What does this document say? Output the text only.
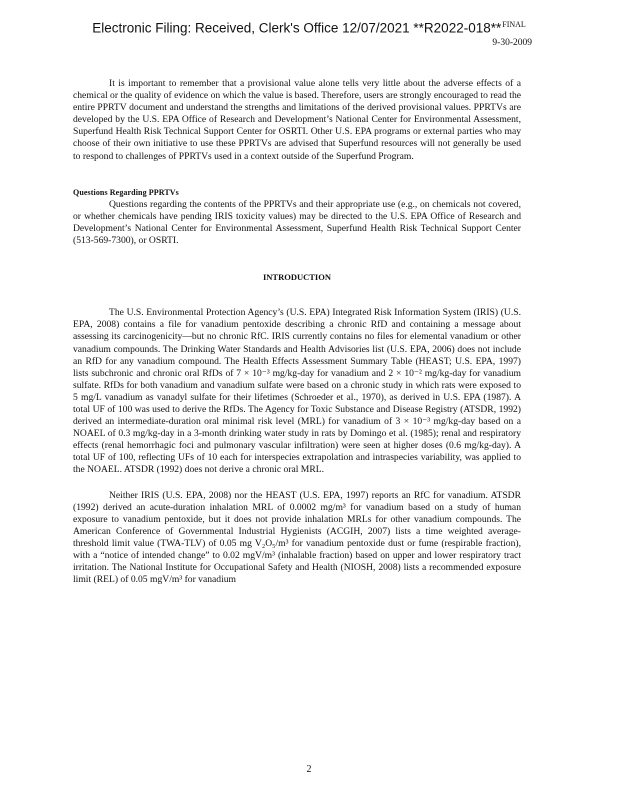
Electronic Filing: Received, Clerk's Office 12/07/2021 **R2022-018**$^{FINAL}$
9-30-2009

It is important to remember that a provisional value alone tells very little about the adverse effects of a chemical or the quality of evidence on which the value is based. Therefore, users are strongly encouraged to read the entire PPRTV document and understand the strengths and limitations of the derived provisional values. PPRTVs are developed by the U.S. EPA Office of Research and Development’s National Center for Environmental Assessment, Superfund Health Risk Technical Support Center for OSRTI. Other U.S. EPA programs or external parties who may choose of their own initiative to use these PPRTVs are advised that Superfund resources will not generally be used to respond to challenges of PPRTVs used in a context outside of the Superfund Program.

Questions Regarding PPRTVs

Questions regarding the contents of the PPRTVs and their appropriate use (e.g., on chemicals not covered, or whether chemicals have pending IRIS toxicity values) may be directed to the U.S. EPA Office of Research and Development’s National Center for Environmental Assessment, Superfund Health Risk Technical Support Center (513-569-7300), or OSRTI.

INTRODUCTION

The U.S. Environmental Protection Agency’s (U.S. EPA) Integrated Risk Information System (IRIS) (U.S. EPA, 2008) contains a file for vanadium pentoxide describing a chronic RfD and containing a message about assessing its carcinogenicity—but no chronic RfC. IRIS currently contains no files for elemental vanadium or other vanadium compounds. The Drinking Water Standards and Health Advisories list (U.S. EPA, 2006) does not include an RfD for any vanadium compound. The Health Effects Assessment Summary Table (HEAST; U.S. EPA, 1997) lists subchronic and chronic oral RfDs of 7 × 10⁻³ mg/kg-day for vanadium and 2 × 10⁻² mg/kg-day for vanadium sulfate. RfDs for both vanadium and vanadium sulfate were based on a chronic study in which rats were exposed to 5 mg/L vanadium as vanadyl sulfate for their lifetimes (Schroeder et al., 1970), as derived in U.S. EPA (1987). A total UF of 100 was used to derive the RfDs. The Agency for Toxic Substance and Disease Registry (ATSDR, 1992) derived an intermediate-duration oral minimal risk level (MRL) for vanadium of 3 × 10⁻³ mg/kg-day based on a NOAEL of 0.3 mg/kg-day in a 3-month drinking water study in rats by Domingo et al. (1985); renal and respiratory effects (renal hemorrhagic foci and pulmonary vascular infiltration) were seen at higher doses (0.6 mg/kg-day). A total UF of 100, reflecting UFs of 10 each for interspecies extrapolation and intraspecies variability, was applied to the NOAEL. ATSDR (1992) does not derive a chronic oral MRL.

Neither IRIS (U.S. EPA, 2008) nor the HEAST (U.S. EPA, 1997) reports an RfC for vanadium. ATSDR (1992) derived an acute-duration inhalation MRL of 0.0002 mg/m³ for vanadium based on a study of human exposure to vanadium pentoxide, but it does not provide inhalation MRLs for other vanadium compounds. The American Conference of Governmental Industrial Hygienists (ACGIH, 2007) lists a time weighted average-threshold limit value (TWA-TLV) of 0.05 mg V₂O₅/m³ for vanadium pentoxide dust or fume (respirable fraction), with a “notice of intended change” to 0.02 mgV/m³ (inhalable fraction) based on upper and lower respiratory tract irritation. The National Institute for Occupational Safety and Health (NIOSH, 2008) lists a recommended exposure limit (REL) of 0.05 mgV/m³ for vanadium

2
